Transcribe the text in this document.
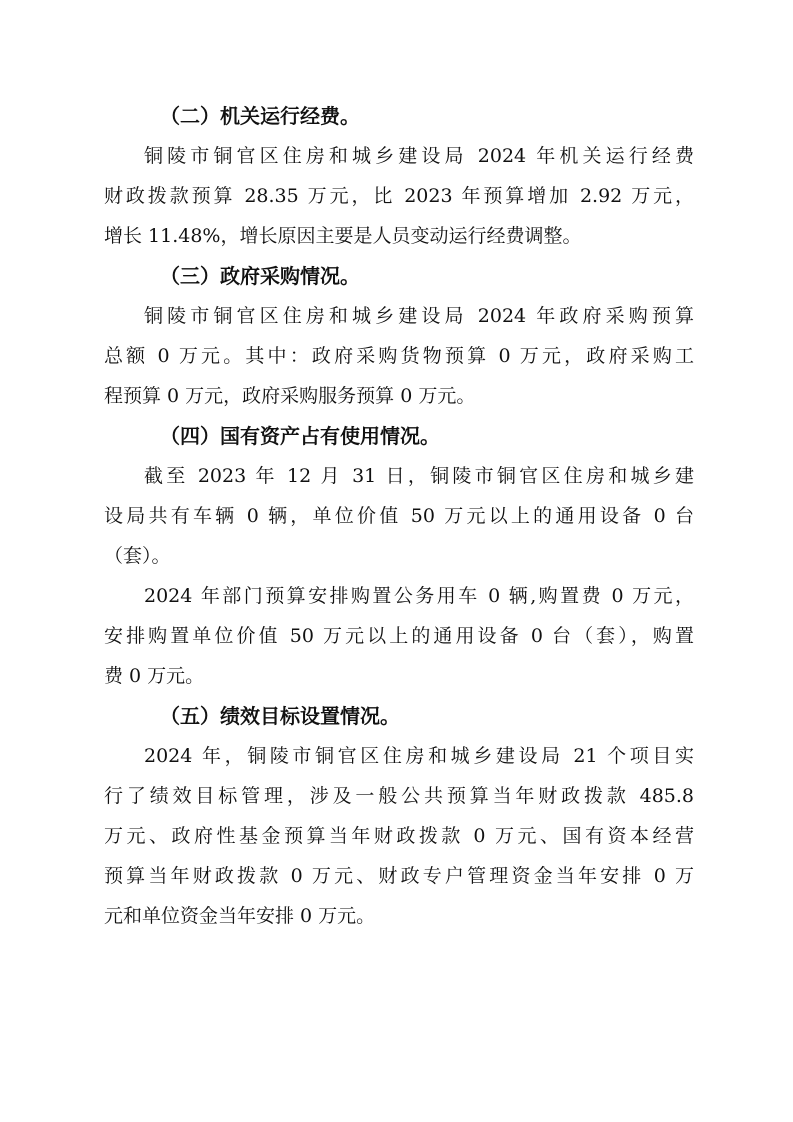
（二）机关运行经费。
铜陵市铜官区住房和城乡建设局 2024 年机关运行经费
财政拨款预算 28.35 万元，比 2023 年预算增加 2.92 万元，
增长 11.48%，增长原因主要是人员变动运行经费调整。
（三）政府采购情况。
铜陵市铜官区住房和城乡建设局 2024 年政府采购预算
总额 0 万元。其中：政府采购货物预算 0 万元，政府采购工
程预算 0 万元，政府采购服务预算 0 万元。
（四）国有资产占有使用情况。
截至 2023 年 12 月 31 日，铜陵市铜官区住房和城乡建
设局共有车辆 0 辆，单位价值 50 万元以上的通用设备 0 台
（套）。
2024 年部门预算安排购置公务用车 0 辆,购置费 0 万元，
安排购置单位价值 50 万元以上的通用设备 0 台（套），购置
费 0 万元。
（五）绩效目标设置情况。
2024 年，铜陵市铜官区住房和城乡建设局 21 个项目实
行了绩效目标管理，涉及一般公共预算当年财政拨款 485.8
万元、政府性基金预算当年财政拨款 0 万元、国有资本经营
预算当年财政拨款 0 万元、财政专户管理资金当年安排 0 万
元和单位资金当年安排 0 万元。
